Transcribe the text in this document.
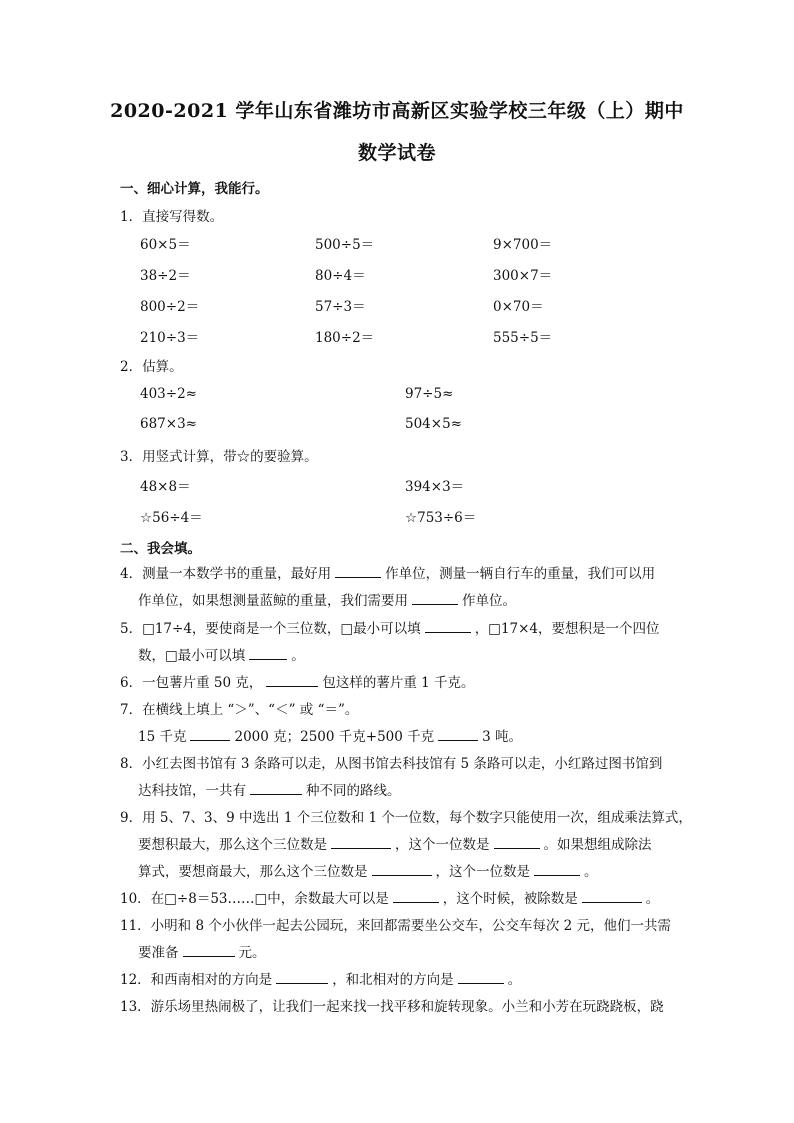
2020-2021 学年山东省潍坊市高新区实验学校三年级（上）期中
数学试卷
一、细心计算，我能行。
1．直接写得数。
60×5＝	500÷5＝	9×700＝
38÷2＝	80÷4＝	300×7＝
800÷2＝	57÷3＝	0×70＝
210÷3＝	180÷2＝	555÷5＝
2．估算。
403÷2≈	97÷5≈
687×3≈	504×5≈
3．用竖式计算，带☆的要验算。
48×8＝	394×3＝
☆56÷4＝	☆753÷6＝
二、我会填。
4．测量一本数学书的重量，最好用	作单位，测量一辆自行车的重量，我们可以用
作单位，如果想测量蓝鲸的重量，我们需要用	作单位。
5．□17÷4，要使商是一个三位数，□最小可以填	，□17×4，要想积是一个四位
数，□最小可以填	。
6．一包薯片重 50 克，	包这样的薯片重 1 千克。
7．在横线上填上 “＞”、“＜” 或 “＝”。
15 千克	2000 克；2500 千克+500 千克	3 吨。
8．小红去图书馆有 3 条路可以走，从图书馆去科技馆有 5 条路可以走，小红路过图书馆到
达科技馆，一共有	种不同的路线。
9．用 5、7、3、9 中选出 1 个三位数和 1 个一位数，每个数字只能使用一次，组成乘法算式，
要想积最大，那么这个三位数是	，这个一位数是	。如果想组成除法
算式，要想商最大，那么这个三位数是	，这个一位数是	。
10．在□÷8＝53……□中，余数最大可以是	，这个时候，被除数是	。
11．小明和 8 个小伙伴一起去公园玩，来回都需要坐公交车，公交车每次 2 元，他们一共需
要准备	元。
12．和西南相对的方向是	，和北相对的方向是	。
13．游乐场里热闹极了，让我们一起来找一找平移和旋转现象。小兰和小芳在玩跷跷板，跷
